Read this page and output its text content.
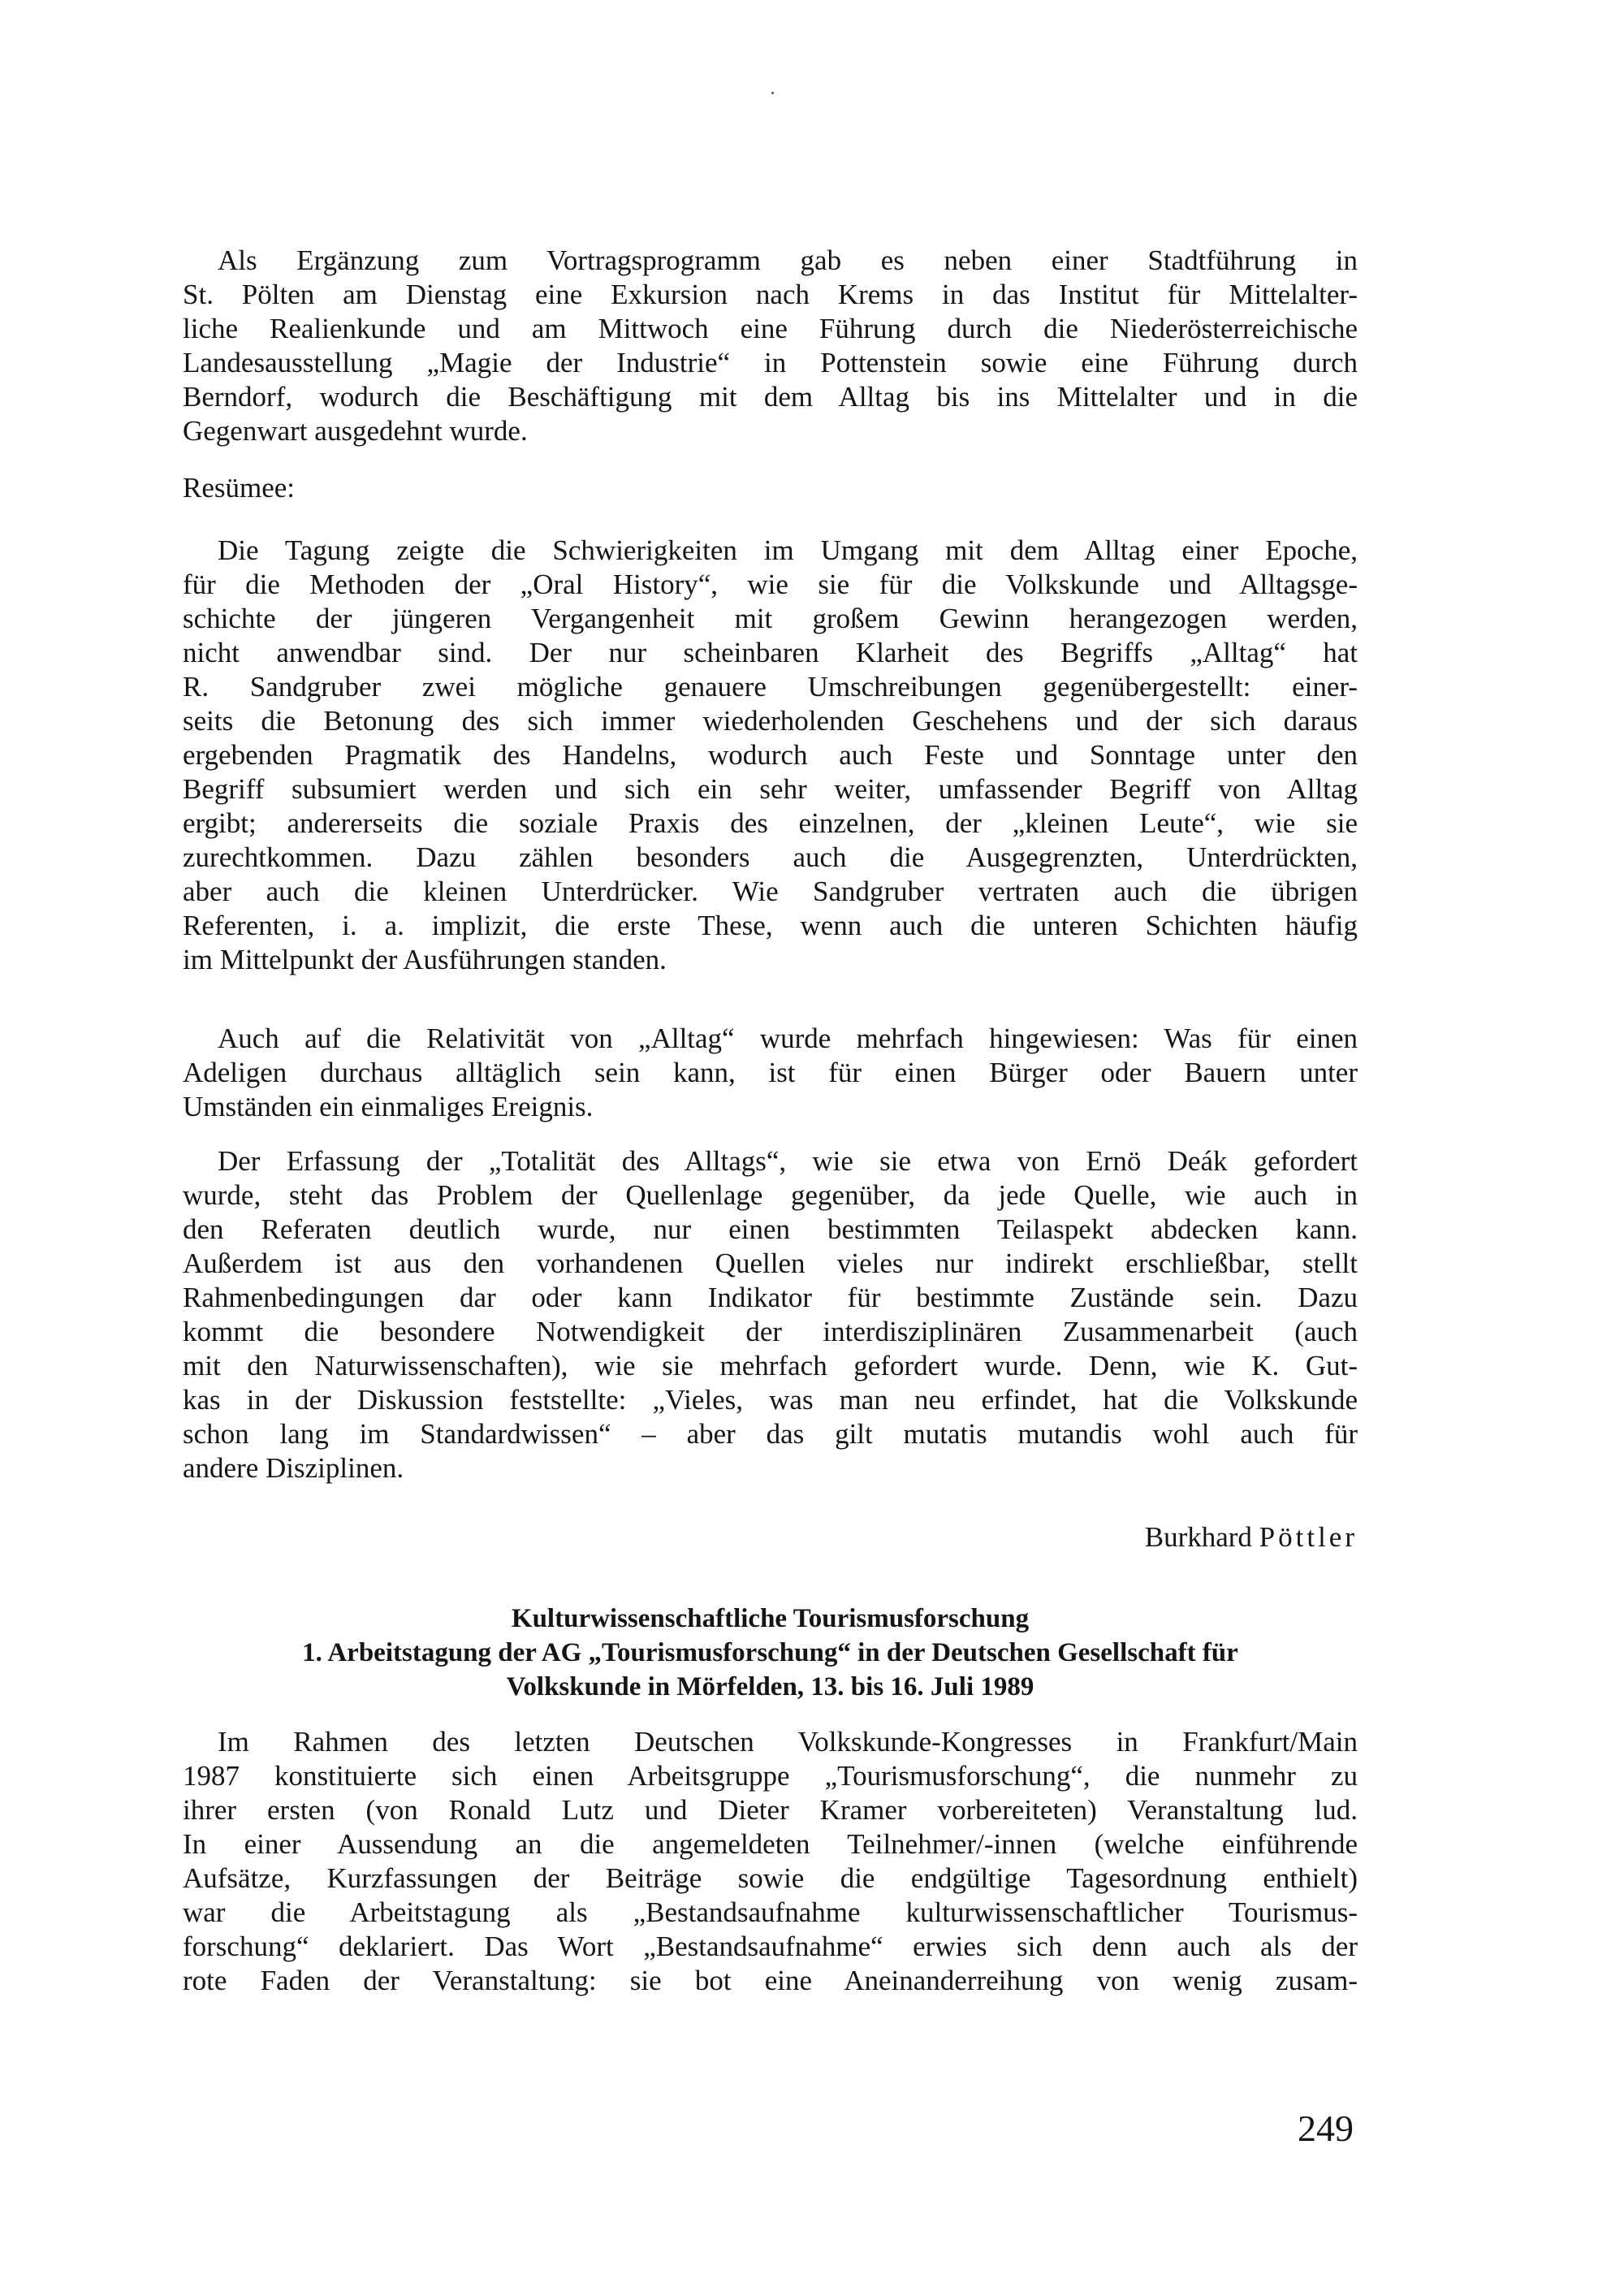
Als Ergänzung zum Vortragsprogramm gab es neben einer Stadtführung in
St. Pölten am Dienstag eine Exkursion nach Krems in das Institut für Mittelalter-
liche Realienkunde und am Mittwoch eine Führung durch die Niederösterreichische
Landesausstellung „Magie der Industrie“ in Pottenstein sowie eine Führung durch
Berndorf, wodurch die Beschäftigung mit dem Alltag bis ins Mittelalter und in die
Gegenwart ausgedehnt wurde.
Resümee:
Die Tagung zeigte die Schwierigkeiten im Umgang mit dem Alltag einer Epoche,
für die Methoden der „Oral History“, wie sie für die Volkskunde und Alltagsge-
schichte der jüngeren Vergangenheit mit großem Gewinn herangezogen werden,
nicht anwendbar sind. Der nur scheinbaren Klarheit des Begriffs „Alltag“ hat
R. Sandgruber zwei mögliche genauere Umschreibungen gegenübergestellt: einer-
seits die Betonung des sich immer wiederholenden Geschehens und der sich daraus
ergebenden Pragmatik des Handelns, wodurch auch Feste und Sonntage unter den
Begriff subsumiert werden und sich ein sehr weiter, umfassender Begriff von Alltag
ergibt; andererseits die soziale Praxis des einzelnen, der „kleinen Leute“, wie sie
zurechtkommen. Dazu zählen besonders auch die Ausgegrenzten, Unterdrückten,
aber auch die kleinen Unterdrücker. Wie Sandgruber vertraten auch die übrigen
Referenten, i. a. implizit, die erste These, wenn auch die unteren Schichten häufig
im Mittelpunkt der Ausführungen standen.
Auch auf die Relativität von „Alltag“ wurde mehrfach hingewiesen: Was für einen
Adeligen durchaus alltäglich sein kann, ist für einen Bürger oder Bauern unter
Umständen ein einmaliges Ereignis.
Der Erfassung der „Totalität des Alltags“, wie sie etwa von Ernö Deák gefordert
wurde, steht das Problem der Quellenlage gegenüber, da jede Quelle, wie auch in
den Referaten deutlich wurde, nur einen bestimmten Teilaspekt abdecken kann.
Außerdem ist aus den vorhandenen Quellen vieles nur indirekt erschließbar, stellt
Rahmenbedingungen dar oder kann Indikator für bestimmte Zustände sein. Dazu
kommt die besondere Notwendigkeit der interdisziplinären Zusammenarbeit (auch
mit den Naturwissenschaften), wie sie mehrfach gefordert wurde. Denn, wie K. Gut-
kas in der Diskussion feststellte: „Vieles, was man neu erfindet, hat die Volkskunde
schon lang im Standardwissen“ – aber das gilt mutatis mutandis wohl auch für
andere Disziplinen.
Burkhard Pöttler
Kulturwissenschaftliche Tourismusforschung
1. Arbeitstagung der AG „Tourismusforschung“ in der Deutschen Gesellschaft für
Volkskunde in Mörfelden, 13. bis 16. Juli 1989
Im Rahmen des letzten Deutschen Volkskunde-Kongresses in Frankfurt/Main
1987 konstituierte sich einen Arbeitsgruppe „Tourismusforschung“, die nunmehr zu
ihrer ersten (von Ronald Lutz und Dieter Kramer vorbereiteten) Veranstaltung lud.
In einer Aussendung an die angemeldeten Teilnehmer/-innen (welche einführende
Aufsätze, Kurzfassungen der Beiträge sowie die endgültige Tagesordnung enthielt)
war die Arbeitstagung als „Bestandsaufnahme kulturwissenschaftlicher Tourismus-
forschung“ deklariert. Das Wort „Bestandsaufnahme“ erwies sich denn auch als der
rote Faden der Veranstaltung: sie bot eine Aneinanderreihung von wenig zusam-
249
